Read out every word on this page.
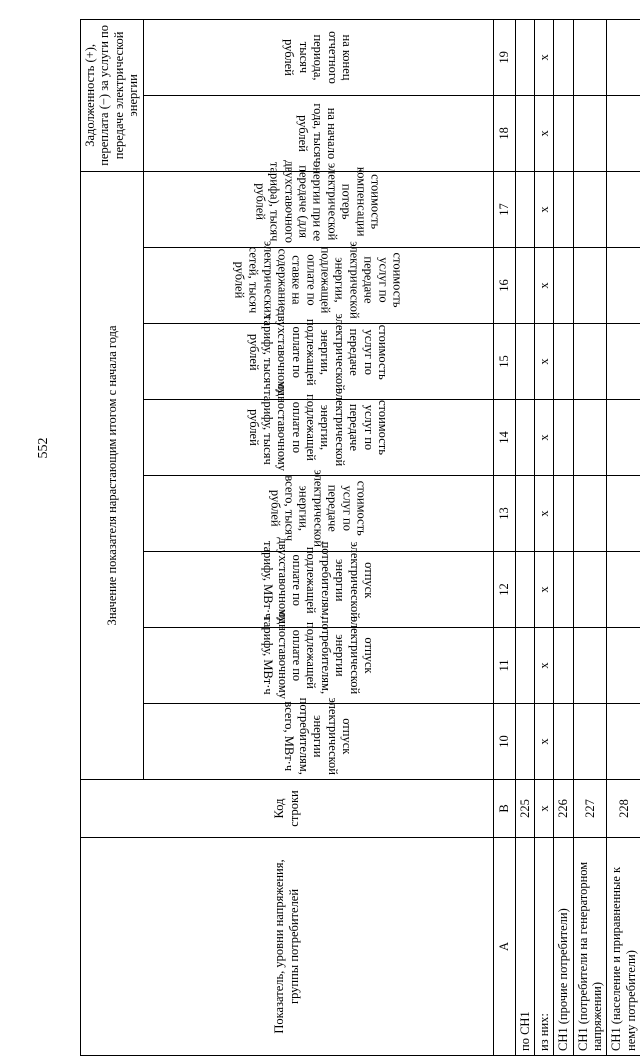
552
Показатель, уровни напряжения, группы потребителей	Код строки	Значение показателя нарастающим итогом с начала года								Задолженность (+), переплата (−) за услуги по передаче электрической энергии	
		отпуск электрической энергии потребителям, всего, МВт·ч	отпуск электрической энергии потребителям, подлежащей оплате по одноставочному тарифу, МВт·ч	отпуск электрической энергии потребителям, подлежащей оплате по двухставочному тарифу, МВт·ч	стоимость услуг по передаче электрической энергии, всего, тысяч рублей	стоимость услуг по передаче электрической энергии, подлежащей оплате по одноставочному тарифу, тысяч рублей	стоимость услуг по передаче электрической энергии, подлежащей оплате по двухставочному тарифу, тысяч рублей	стоимость услуг по передаче электрической энергии, подлежащей оплате по ставке на содержание электрических сетей, тысяч рублей	стоимость компенсации потерь электрической энергии при ее передаче (для двухставочного тарифа), тысяч рублей	на начало года, тысяч рублей	на конец отчетного периода, тысяч рублей
А	В	10	11	12	13	14	15	16	17	18	19
по СН1	225										
из них:	х	х	х	х	х	х	х	х	х	х	х
СН1 (прочие потребители)	226										
СН1 (потребители на генераторном напряжении)	227										
СН1 (население и приравненные к нему потребители)	228										
